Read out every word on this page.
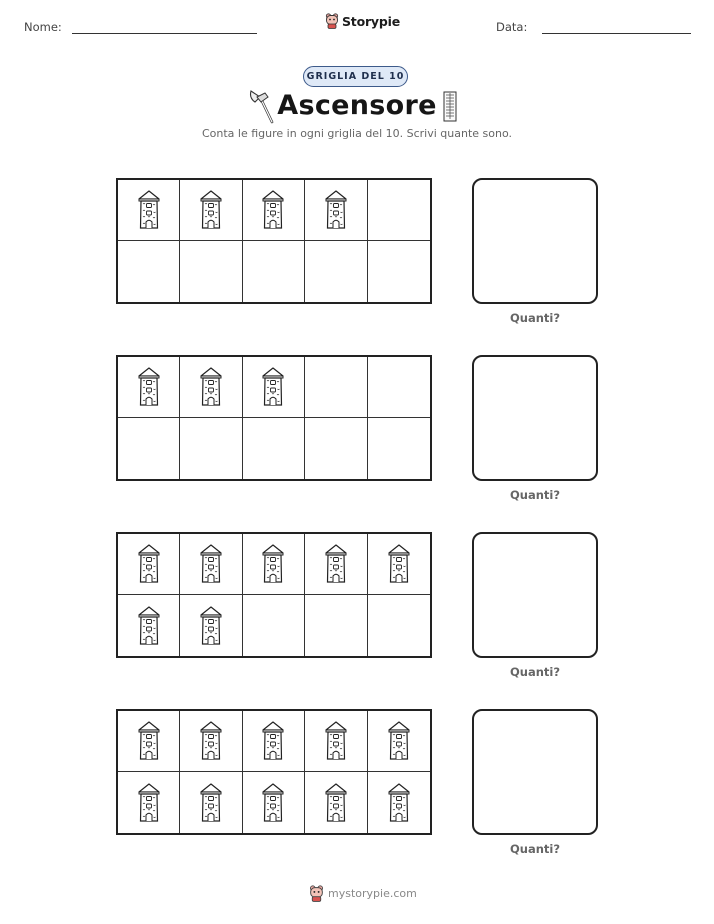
Nome:	Storypie	Data:
GRIGLIA DEL 10
Ascensore
Conta le figure in ogni griglia del 10. Scrivi quante sono.
Quanti?
Quanti?
Quanti?
Quanti?
mystorypie.com
